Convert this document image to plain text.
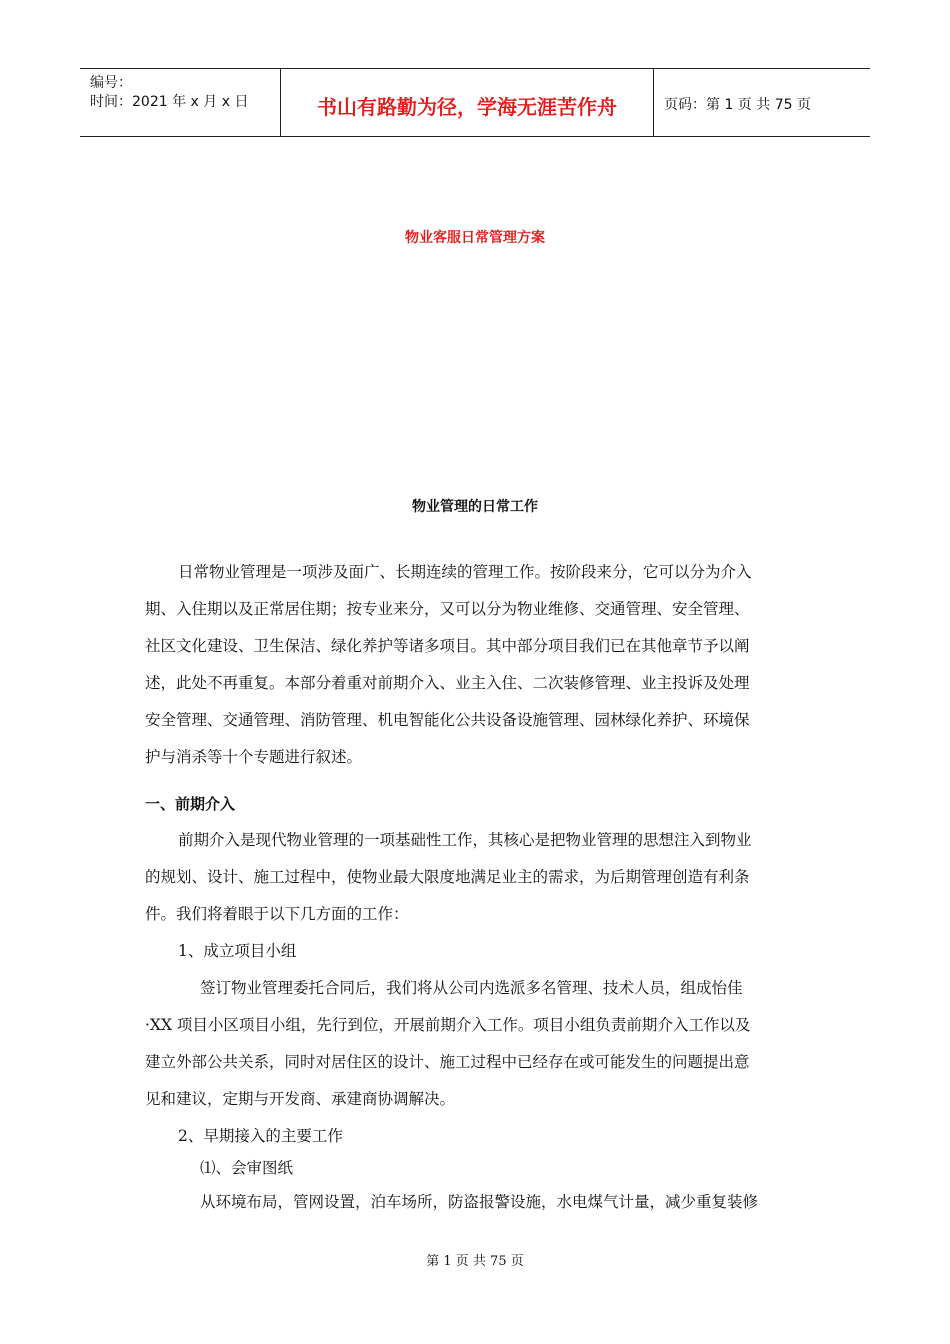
编号：
时间：2021 年 x 月 x 日	书山有路勤为径，学海无涯苦作舟	页码：第 1 页 共 75 页
物业客服日常管理方案
物业管理的日常工作
日常物业管理是一项涉及面广、长期连续的管理工作。按阶段来分，它可以分为介入
期、入住期以及正常居住期；按专业来分，又可以分为物业维修、交通管理、安全管理、
社区文化建设、卫生保洁、绿化养护等诸多项目。其中部分项目我们已在其他章节予以阐
述，此处不再重复。本部分着重对前期介入、业主入住、二次装修管理、业主投诉及处理
安全管理、交通管理、消防管理、机电智能化公共设备设施管理、园林绿化养护、环境保
护与消杀等十个专题进行叙述。
一、前期介入
前期介入是现代物业管理的一项基础性工作，其核心是把物业管理的思想注入到物业
的规划、设计、施工过程中，使物业最大限度地满足业主的需求，为后期管理创造有利条
件。我们将着眼于以下几方面的工作：
1、成立项目小组
签订物业管理委托合同后，我们将从公司内选派多名管理、技术人员，组成怡佳
·XX 项目小区项目小组，先行到位，开展前期介入工作。项目小组负责前期介入工作以及
建立外部公共关系，同时对居住区的设计、施工过程中已经存在或可能发生的问题提出意
见和建议，定期与开发商、承建商协调解决。
2、早期接入的主要工作
⑴、会审图纸
从环境布局，管网设置，泊车场所，防盗报警设施，水电煤气计量，减少重复装修
第 1 页 共 75 页
